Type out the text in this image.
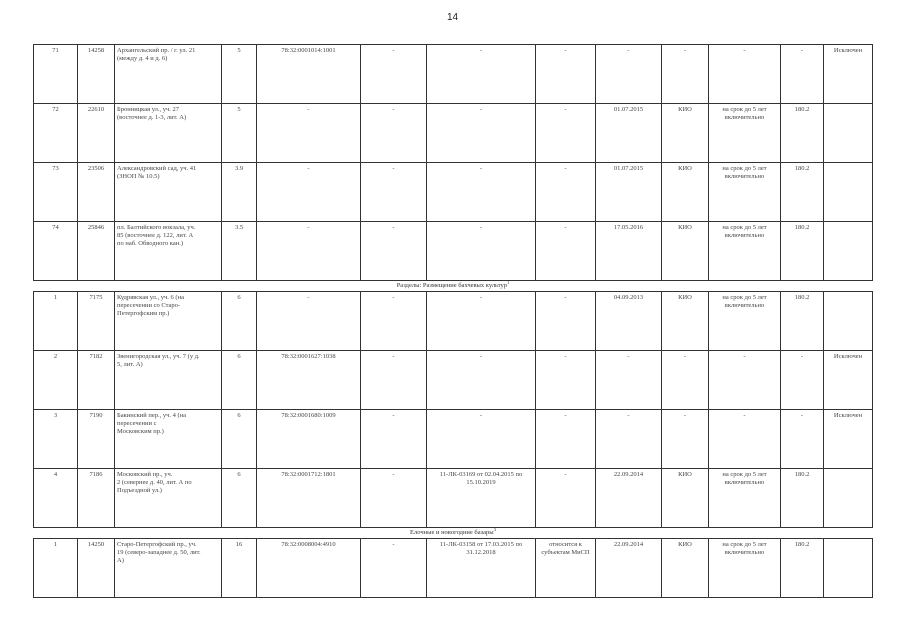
14
71	14258	Архангельский пр. / г. ул. 21
(между д. 4 и д. 6)	5	78:32:0001014:1001	-	-	-	-	-	-	-	Исключен
72	22610	Бронницкая ул., уч. 27
(восточнее д. 1-3, лит. А)	5	-	-	-	-	01.07.2015	КИО	на срок до 5 лет включительно	180.2	
73	23506	Александровский сад, уч. 41
(ЗНОП № 10.5)	3.9	-	-	-	-	01.07.2015	КИО	на срок до 5 лет включительно	180.2	
74	25846	пл. Балтийского вокзала, уч.
85 (восточнее д. 122, лит. А
по наб. Обводного кан.)	3.5	-	-	-	-	17.05.2016	КИО	на срок до 5 лет включительно	180.2	
Разделы: Размещение бахчевых культур$^1$
1	7175	Кудрявская ул., уч. 6 (на
пересечении со Старо-
Петергофским пр.)	6	-	-	-	-	04.09.2013	КИО	на срок до 5 лет включительно	180.2	
2	7182	Звенигородская ул., уч. 7 (у д.
5, лит. А)	6	78:32:0001627:1038	-	-	-	-	-	-	-	Исключен
3	7190	Бакинский пер., уч. 4 (на
пересечении с
Московским пр.)	6	78:32:0001680:1009	-	-	-	-	-	-	-	Исключен
4	7186	Московский пр., уч.
2 (севернее д. 40, лит. А по
Подъездной ул.)	6	78:32:0001712:1801	-	11-ЛК-03169 от 02.04.2015 по 15.10.2019	-	22.09.2014	КИО	на срок до 5 лет включительно	180.2	
Елочные и новогодние базары$^3$
1	14250	Старо-Петергофский пр., уч.
19 (северо-западнее д. 50, лит.
А)	16	78:32:0008004:4910	-	11-ЛК-03158 от 17.03.2015 по 31.12.2018	относится к субъектам МиСП	22.09.2014	КИО	на срок до 5 лет включительно	180.2	
